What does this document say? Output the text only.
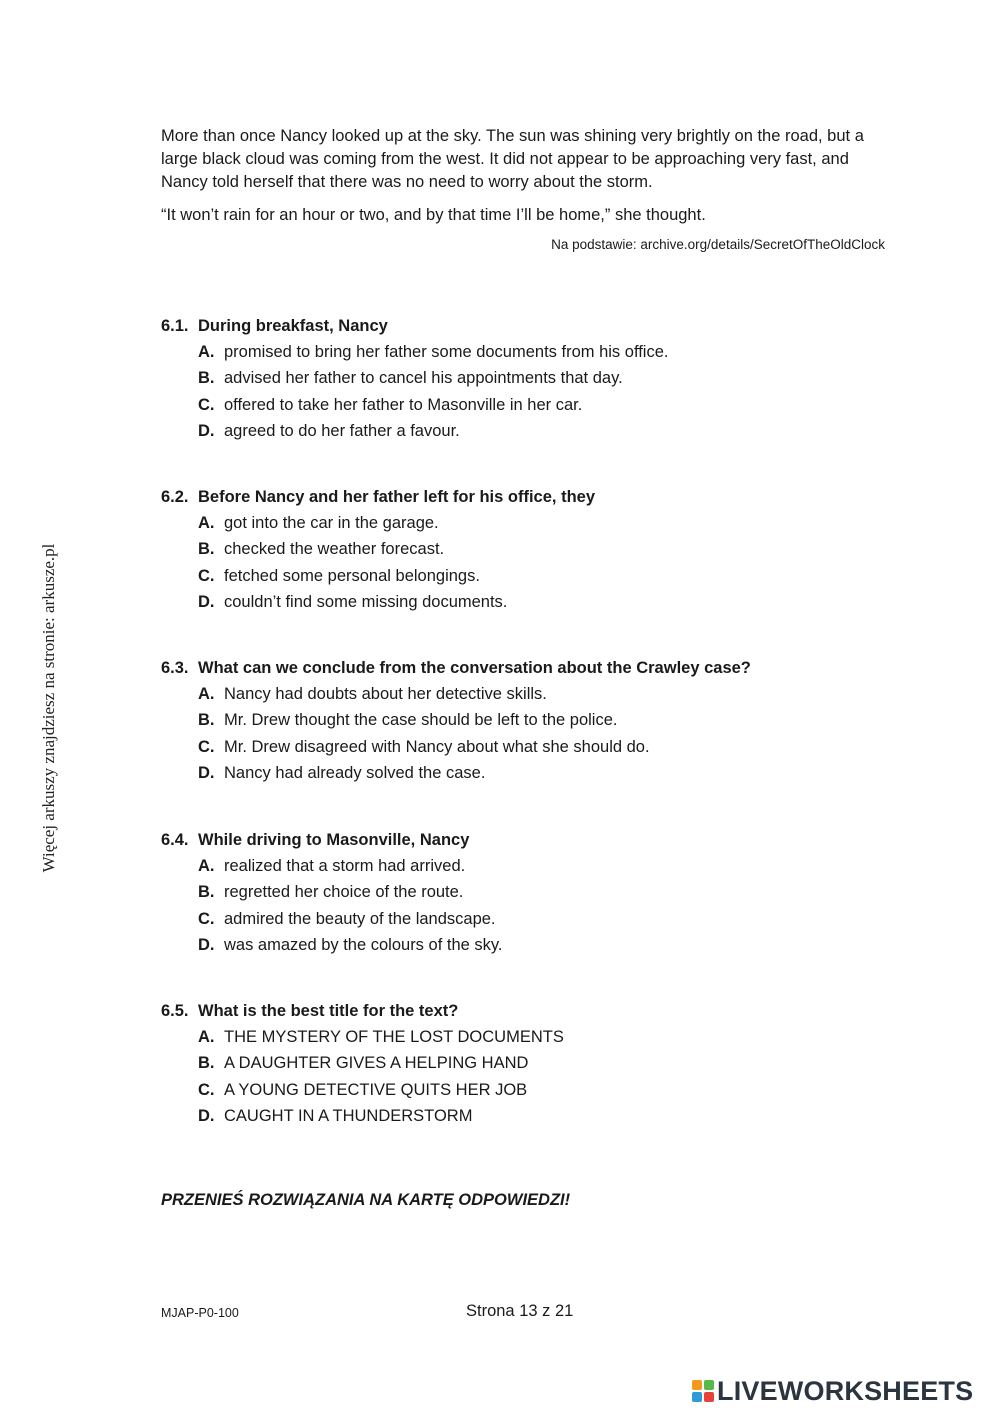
More than once Nancy looked up at the sky. The sun was shining very brightly on the road, but a large black cloud was coming from the west. It did not appear to be approaching very fast, and Nancy told herself that there was no need to worry about the storm.

“It won’t rain for an hour or two, and by that time I’ll be home,” she thought.

Na podstawie: archive.org/details/SecretOfTheOldClock

6.1. During breakfast, Nancy
A. promised to bring her father some documents from his office.
B. advised her father to cancel his appointments that day.
C. offered to take her father to Masonville in her car.
D. agreed to do her father a favour.
6.2. Before Nancy and her father left for his office, they
A. got into the car in the garage.
B. checked the weather forecast.
C. fetched some personal belongings.
D. couldn’t find some missing documents.
6.3. What can we conclude from the conversation about the Crawley case?
A. Nancy had doubts about her detective skills.
B. Mr. Drew thought the case should be left to the police.
C. Mr. Drew disagreed with Nancy about what she should do.
D. Nancy had already solved the case.
6.4. While driving to Masonville, Nancy
A. realized that a storm had arrived.
B. regretted her choice of the route.
C. admired the beauty of the landscape.
D. was amazed by the colours of the sky.
6.5. What is the best title for the text?
A. THE MYSTERY OF THE LOST DOCUMENTS
B. A DAUGHTER GIVES A HELPING HAND
C. A YOUNG DETECTIVE QUITS HER JOB
D. CAUGHT IN A THUNDERSTORM

PRZENIEŚ ROZWIĄZANIA NA KARTĘ ODPOWIEDZI!

MJAP-P0-100	Strona 13 z 21
Więcej arkuszy znajdziesz na stronie: arkusze.pl
LIVEWORKSHEETS
